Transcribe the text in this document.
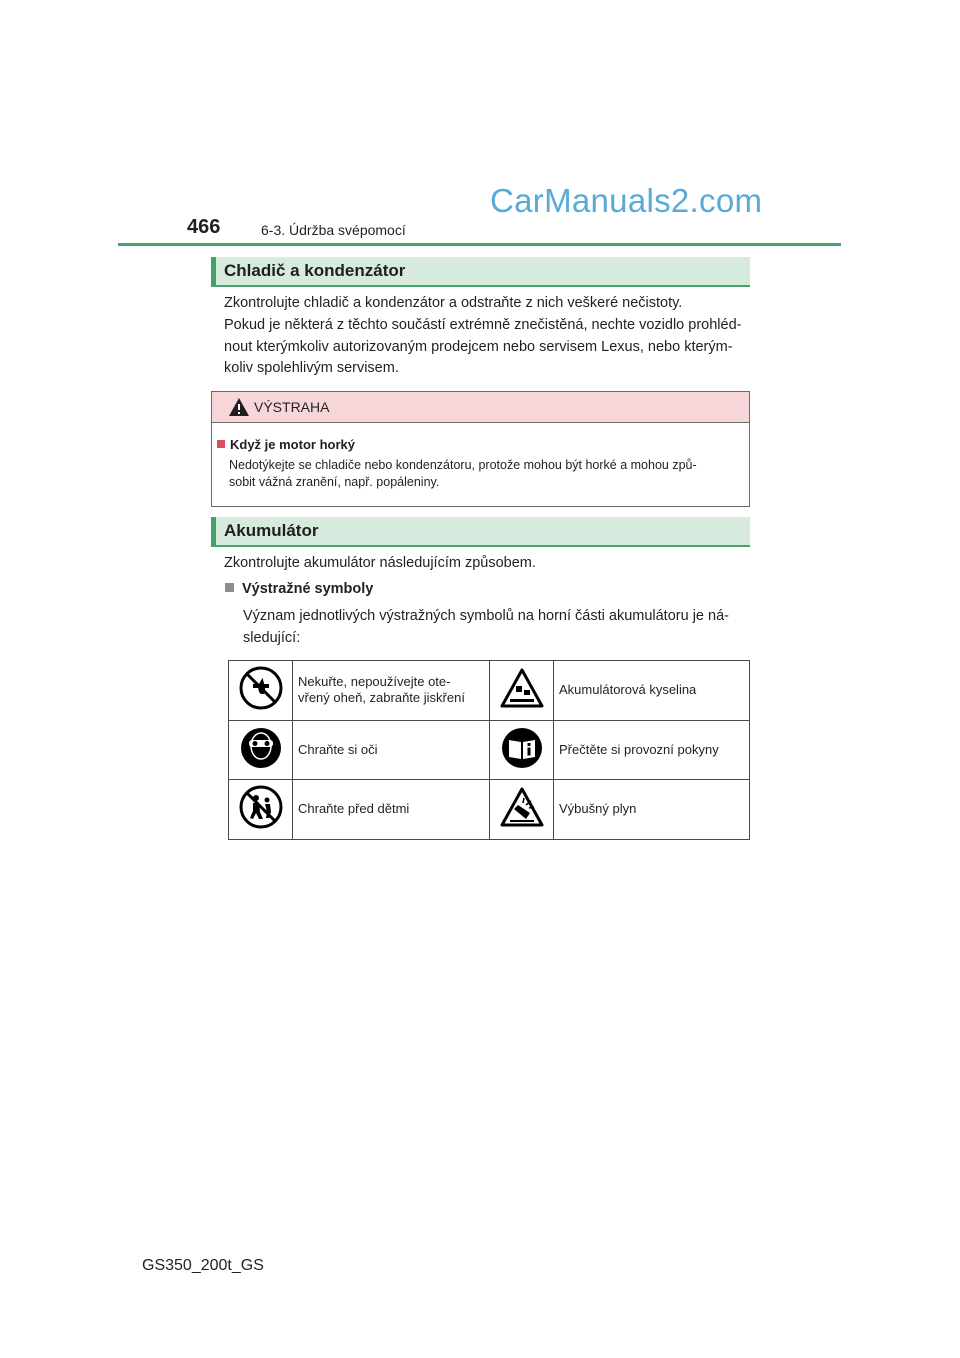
466	6-3. Údržba svépomocí
CarManuals2.com
Chladič a kondenzátor
Zkontrolujte chladič a kondenzátor a odstraňte z nich veškeré nečistoty.
Pokud je některá z těchto součástí extrémně znečistěná, nechte vozidlo prohléd-
nout kterýmkoliv autorizovaným prodejcem nebo servisem Lexus, nebo kterým-
koliv spolehlivým servisem.
VÝSTRAHA
Když je motor horký
Nedotýkejte se chladiče nebo kondenzátoru, protože mohou být horké a mohou způ-
sobit vážná zranění, např. popáleniny.
Akumulátor
Zkontrolujte akumulátor následujícím způsobem.
Výstražné symboly
Význam jednotlivých výstražných symbolů na horní části akumulátoru je ná-
sledující:

Nekuřte, nepoužívejte ote-
vřený oheň, zabraňte jiskření		Akumulátorová kyselina
	Chraňte si oči		Přečtěte si provozní pokyny
	Chraňte před dětmi		Výbušný plyn
GS350_200t_GS
